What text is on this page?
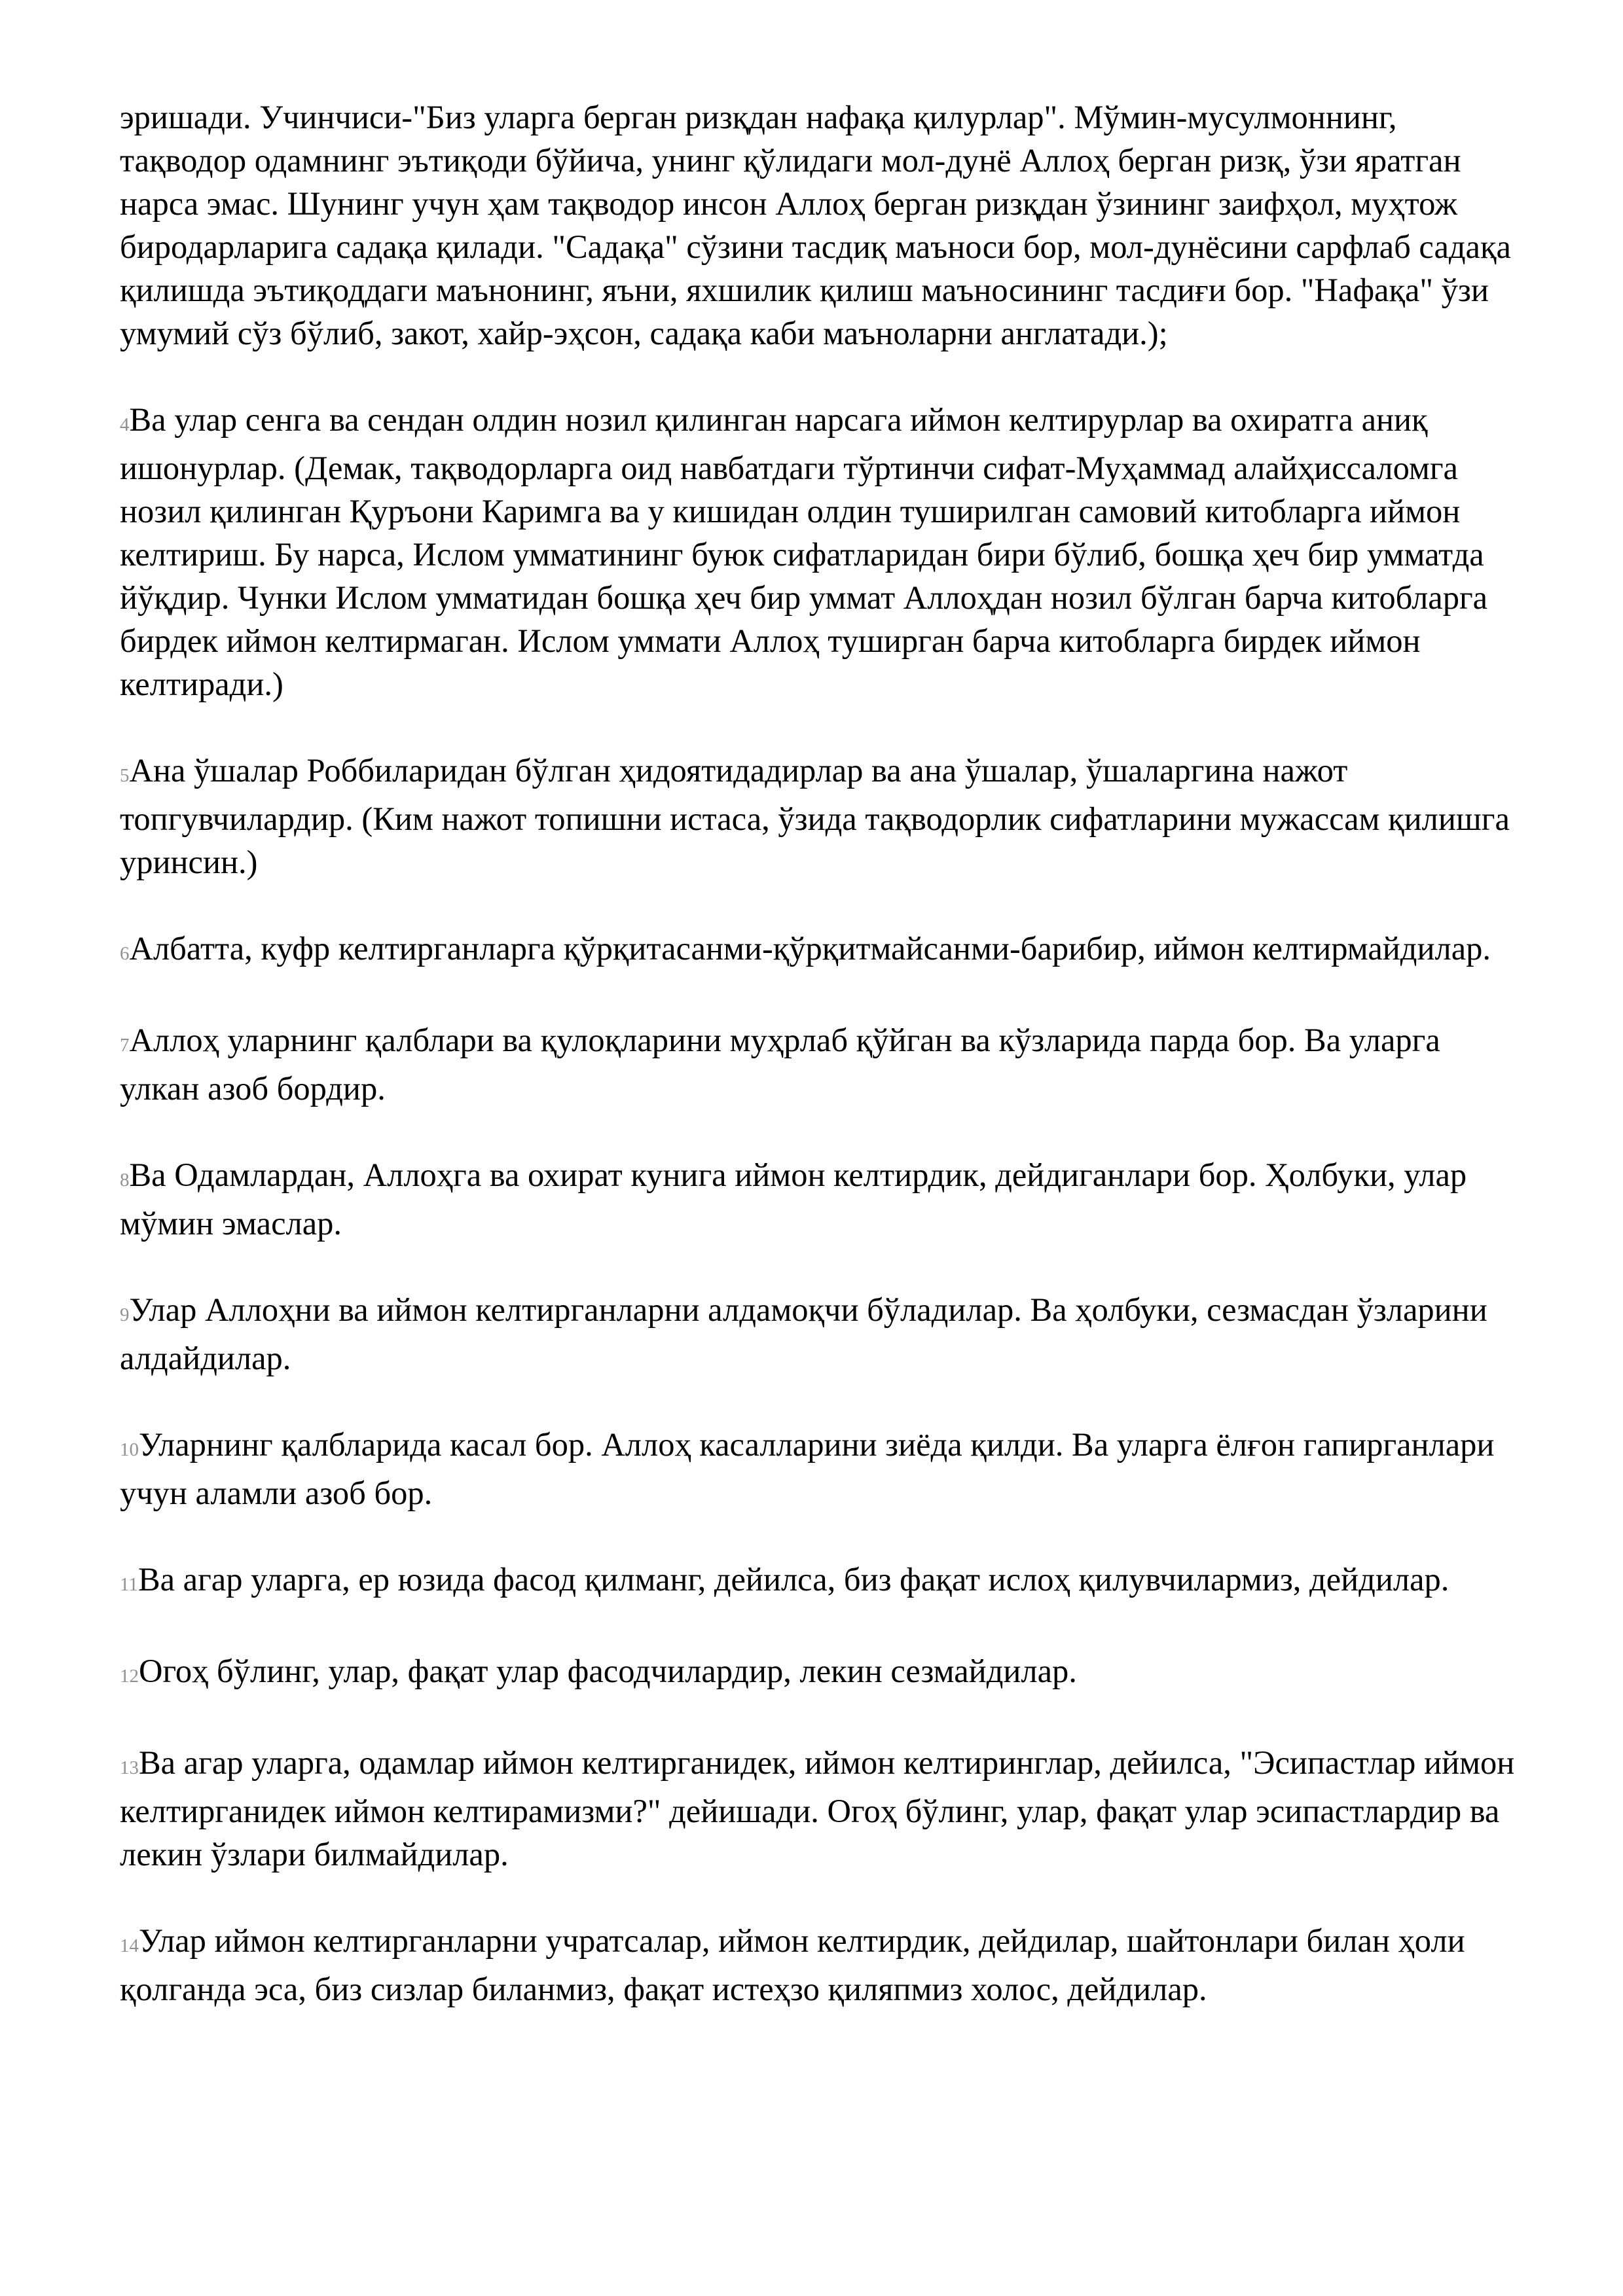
эришади. Учинчиси-"Биз уларга берган ризқдан нафақа қилурлар". Мўмин-мусулмоннинг, тақводор одамнинг эътиқоди бўйича, унинг қўлидаги мол-дунё Аллоҳ берган ризқ, ўзи яратган нарса эмас. Шунинг учун ҳам тақводор инсон Аллоҳ берган ризқдан ўзининг заифҳол, муҳтож биродарларига садақа қилади. "Садақа" сўзини тасдиқ маъноси бор, мол-дунёсини сарфлаб садақа қилишда эътиқоддаги маънонинг, яъни, яхшилик қилиш маъносининг тасдиғи бор. "Нафақа" ўзи умумий сўз бўлиб, закот, хайр-эҳсон, садақа каби маъноларни англатади.);

4Ва улар сенга ва сендан олдин нозил қилинган нарсага иймон келтирурлар ва охиратга аниқ ишонурлар. (Демак, тақводорларга оид навбатдаги тўртинчи сифат-Муҳаммад алайҳиссаломга нозил қилинган Қуръони Каримга ва у кишидан олдин туширилган самовий китобларга иймон келтириш. Бу нарса, Ислом умматининг буюк сифатларидан бири бўлиб, бошқа ҳеч бир умматда йўқдир. Чунки Ислом умматидан бошқа ҳеч бир уммат Аллоҳдан нозил бўлган барча китобларга бирдек иймон келтирмаган. Ислом уммати Аллоҳ туширган барча китобларга бирдек иймон келтиради.)

5Ана ўшалар Роббиларидан бўлган ҳидоятидадирлар ва ана ўшалар, ўшаларгина нажот топгувчилардир. (Ким нажот топишни истаса, ўзида тақводорлик сифатларини мужассам қилишга уринсин.)

6Албатта, куфр келтирганларга қўрқитасанми-қўрқитмайсанми-барибир, иймон келтирмайдилар.

7Аллоҳ уларнинг қалблари ва қулоқларини муҳрлаб қўйган ва кўзларида парда бор. Ва уларга улкан азоб бордир.

8Ва Одамлардан, Аллоҳга ва охират кунига иймон келтирдик, дейдиганлари бор. Ҳолбуки, улар мўмин эмаслар.

9Улар Аллоҳни ва иймон келтирганларни алдамоқчи бўладилар. Ва ҳолбуки, сезмасдан ўзларини алдайдилар.

10Уларнинг қалбларида касал бор. Аллоҳ касалларини зиёда қилди. Ва уларга ёлғон гапирганлари учун аламли азоб бор.

11Ва агар уларга, ер юзида фасод қилманг, дейилса, биз фақат ислоҳ қилувчилармиз, дейдилар.

12Огоҳ бўлинг, улар, фақат улар фасодчилардир, лекин сезмайдилар.

13Ва агар уларга, одамлар иймон келтирганидек, иймон келтиринглар, дейилса, "Эсипастлар иймон келтирганидек иймон келтирамизми?" дейишади. Огоҳ бўлинг, улар, фақат улар эсипастлардир ва лекин ўзлари билмайдилар.

14Улар иймон келтирганларни учратсалар, иймон келтирдик, дейдилар, шайтонлари билан ҳоли қолганда эса, биз сизлар биланмиз, фақат истеҳзо қиляпмиз холос, дейдилар.
